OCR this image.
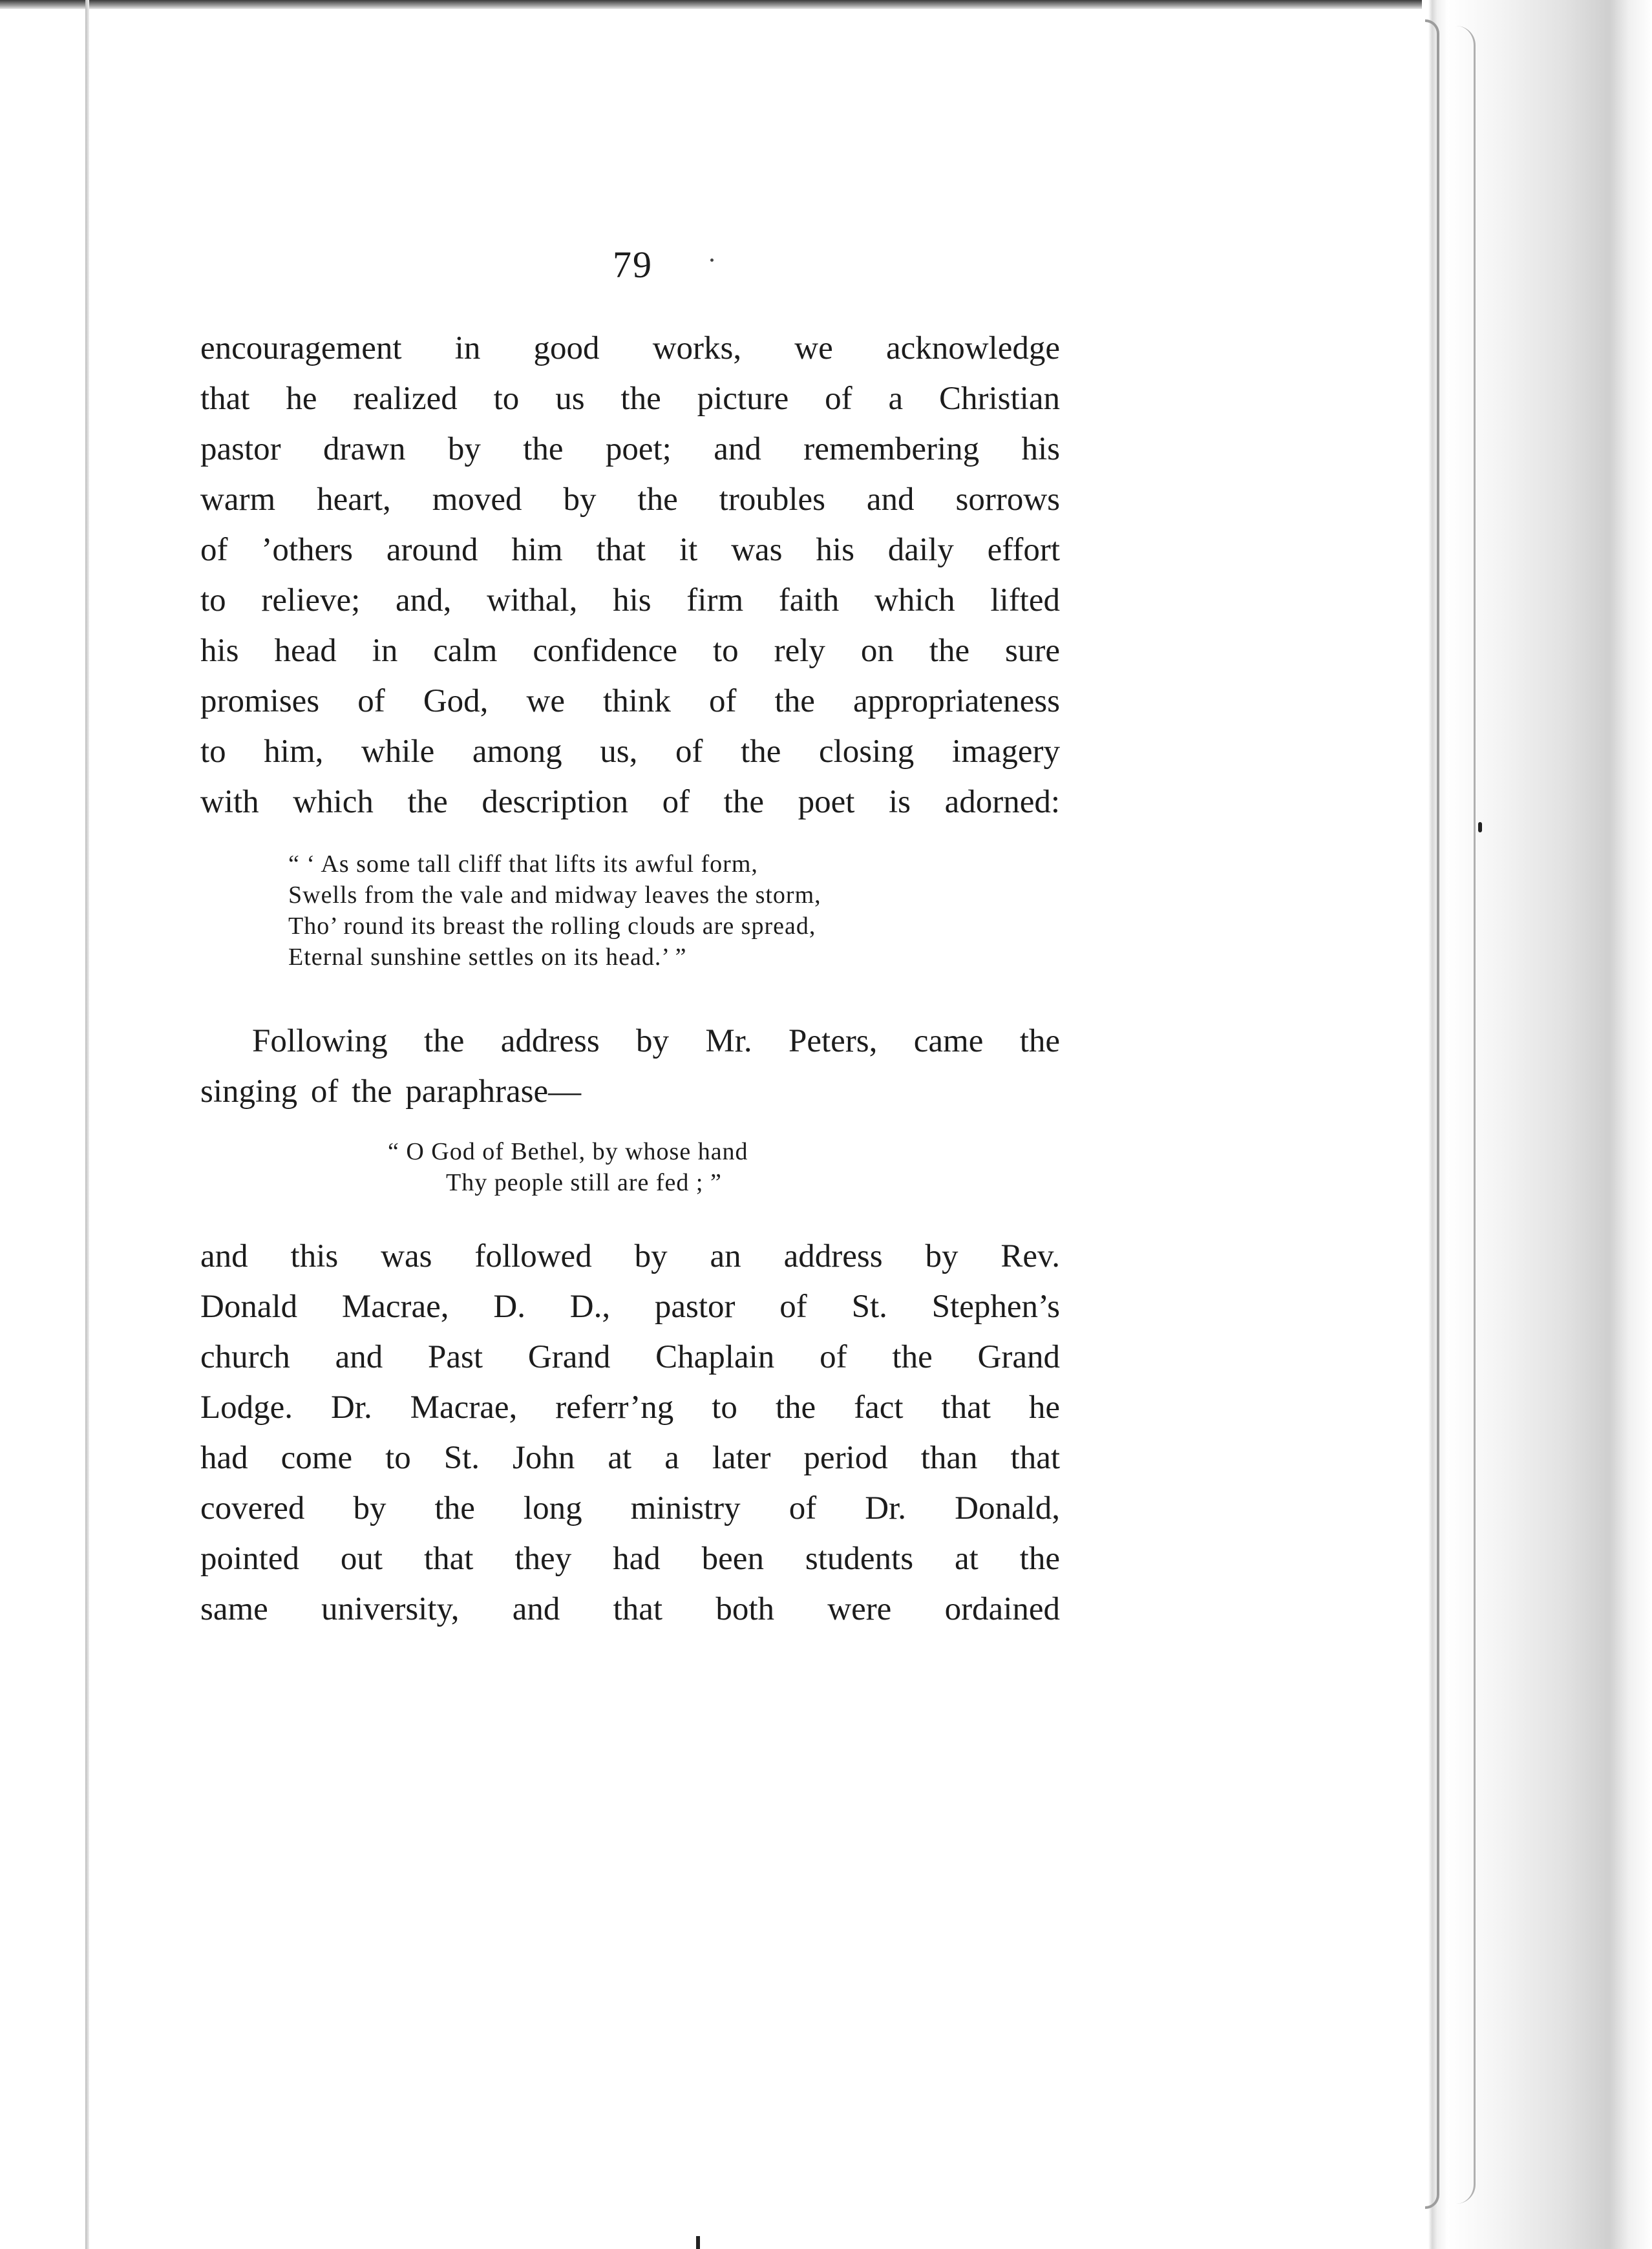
79
encouragement in good works, we acknowledge
that he realized to us the picture of a Christian
pastor drawn by the poet; and remembering his
warm heart, moved by the troubles and sorrows
of ’others around him that it was his daily effort
to relieve; and, withal, his firm faith which lifted
his head in calm confidence to rely on the sure
promises of God, we think of the appropriateness
to him, while among us, of the closing imagery
with which the description of the poet is adorned:
“ ‘ As some tall cliff that lifts its awful form,
Swells from the vale and midway leaves the storm,
Tho’ round its breast the rolling clouds are spread,
Eternal sunshine settles on its head.’ ”
Following the address by Mr. Peters, came the
singing of the paraphrase—
“ O God of Bethel, by whose hand
Thy people still are fed ; ”
and this was followed by an address by Rev.
Donald Macrae, D. D., pastor of St. Stephen’s
church and Past Grand Chaplain of the Grand
Lodge. Dr. Macrae, referr’ng to the fact that he
had come to St. John at a later period than that
covered by the long ministry of Dr. Donald,
pointed out that they had been students at the
same university, and that both were ordained
